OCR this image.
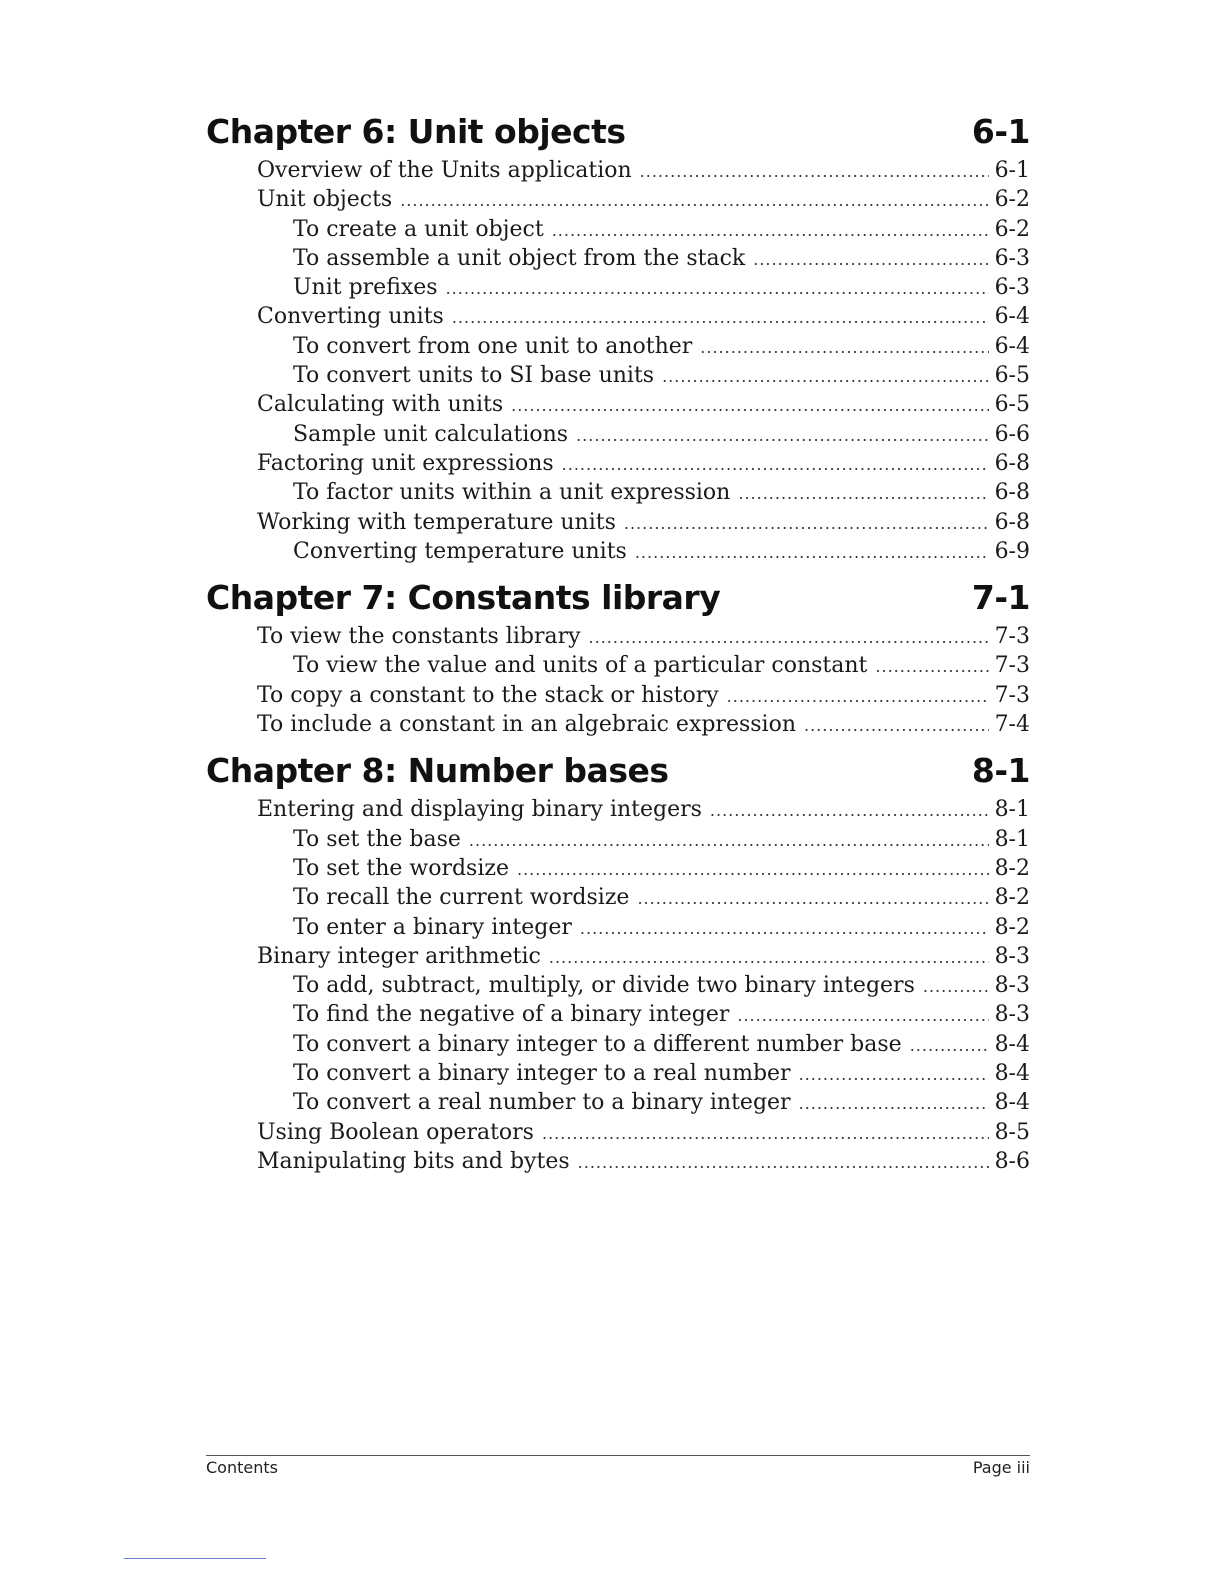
Chapter 6: Unit objects	6-1
Overview of the Units application .....	6-1
Unit objects .....	6-2
To create a unit object .....	6-2
To assemble a unit object from the stack .....	6-3
Unit prefixes .....	6-3
Converting units .....	6-4
To convert from one unit to another .....	6-4
To convert units to SI base units .....	6-5
Calculating with units .....	6-5
Sample unit calculations .....	6-6
Factoring unit expressions .....	6-8
To factor units within a unit expression .....	6-8
Working with temperature units .....	6-8
Converting temperature units .....	6-9
Chapter 7: Constants library	7-1
To view the constants library .....	7-3
To view the value and units of a particular constant .....	7-3
To copy a constant to the stack or history .....	7-3
To include a constant in an algebraic expression .....	7-4
Chapter 8: Number bases	8-1
Entering and displaying binary integers .....	8-1
To set the base .....	8-1
To set the wordsize .....	8-2
To recall the current wordsize .....	8-2
To enter a binary integer .....	8-2
Binary integer arithmetic .....	8-3
To add, subtract, multiply, or divide two binary integers .....	8-3
To find the negative of a binary integer .....	8-3
To convert a binary integer to a different number base .....	8-4
To convert a binary integer to a real number .....	8-4
To convert a real number to a binary integer .....	8-4
Using Boolean operators .....	8-5
Manipulating bits and bytes .....	8-6
Contents	Page iii
